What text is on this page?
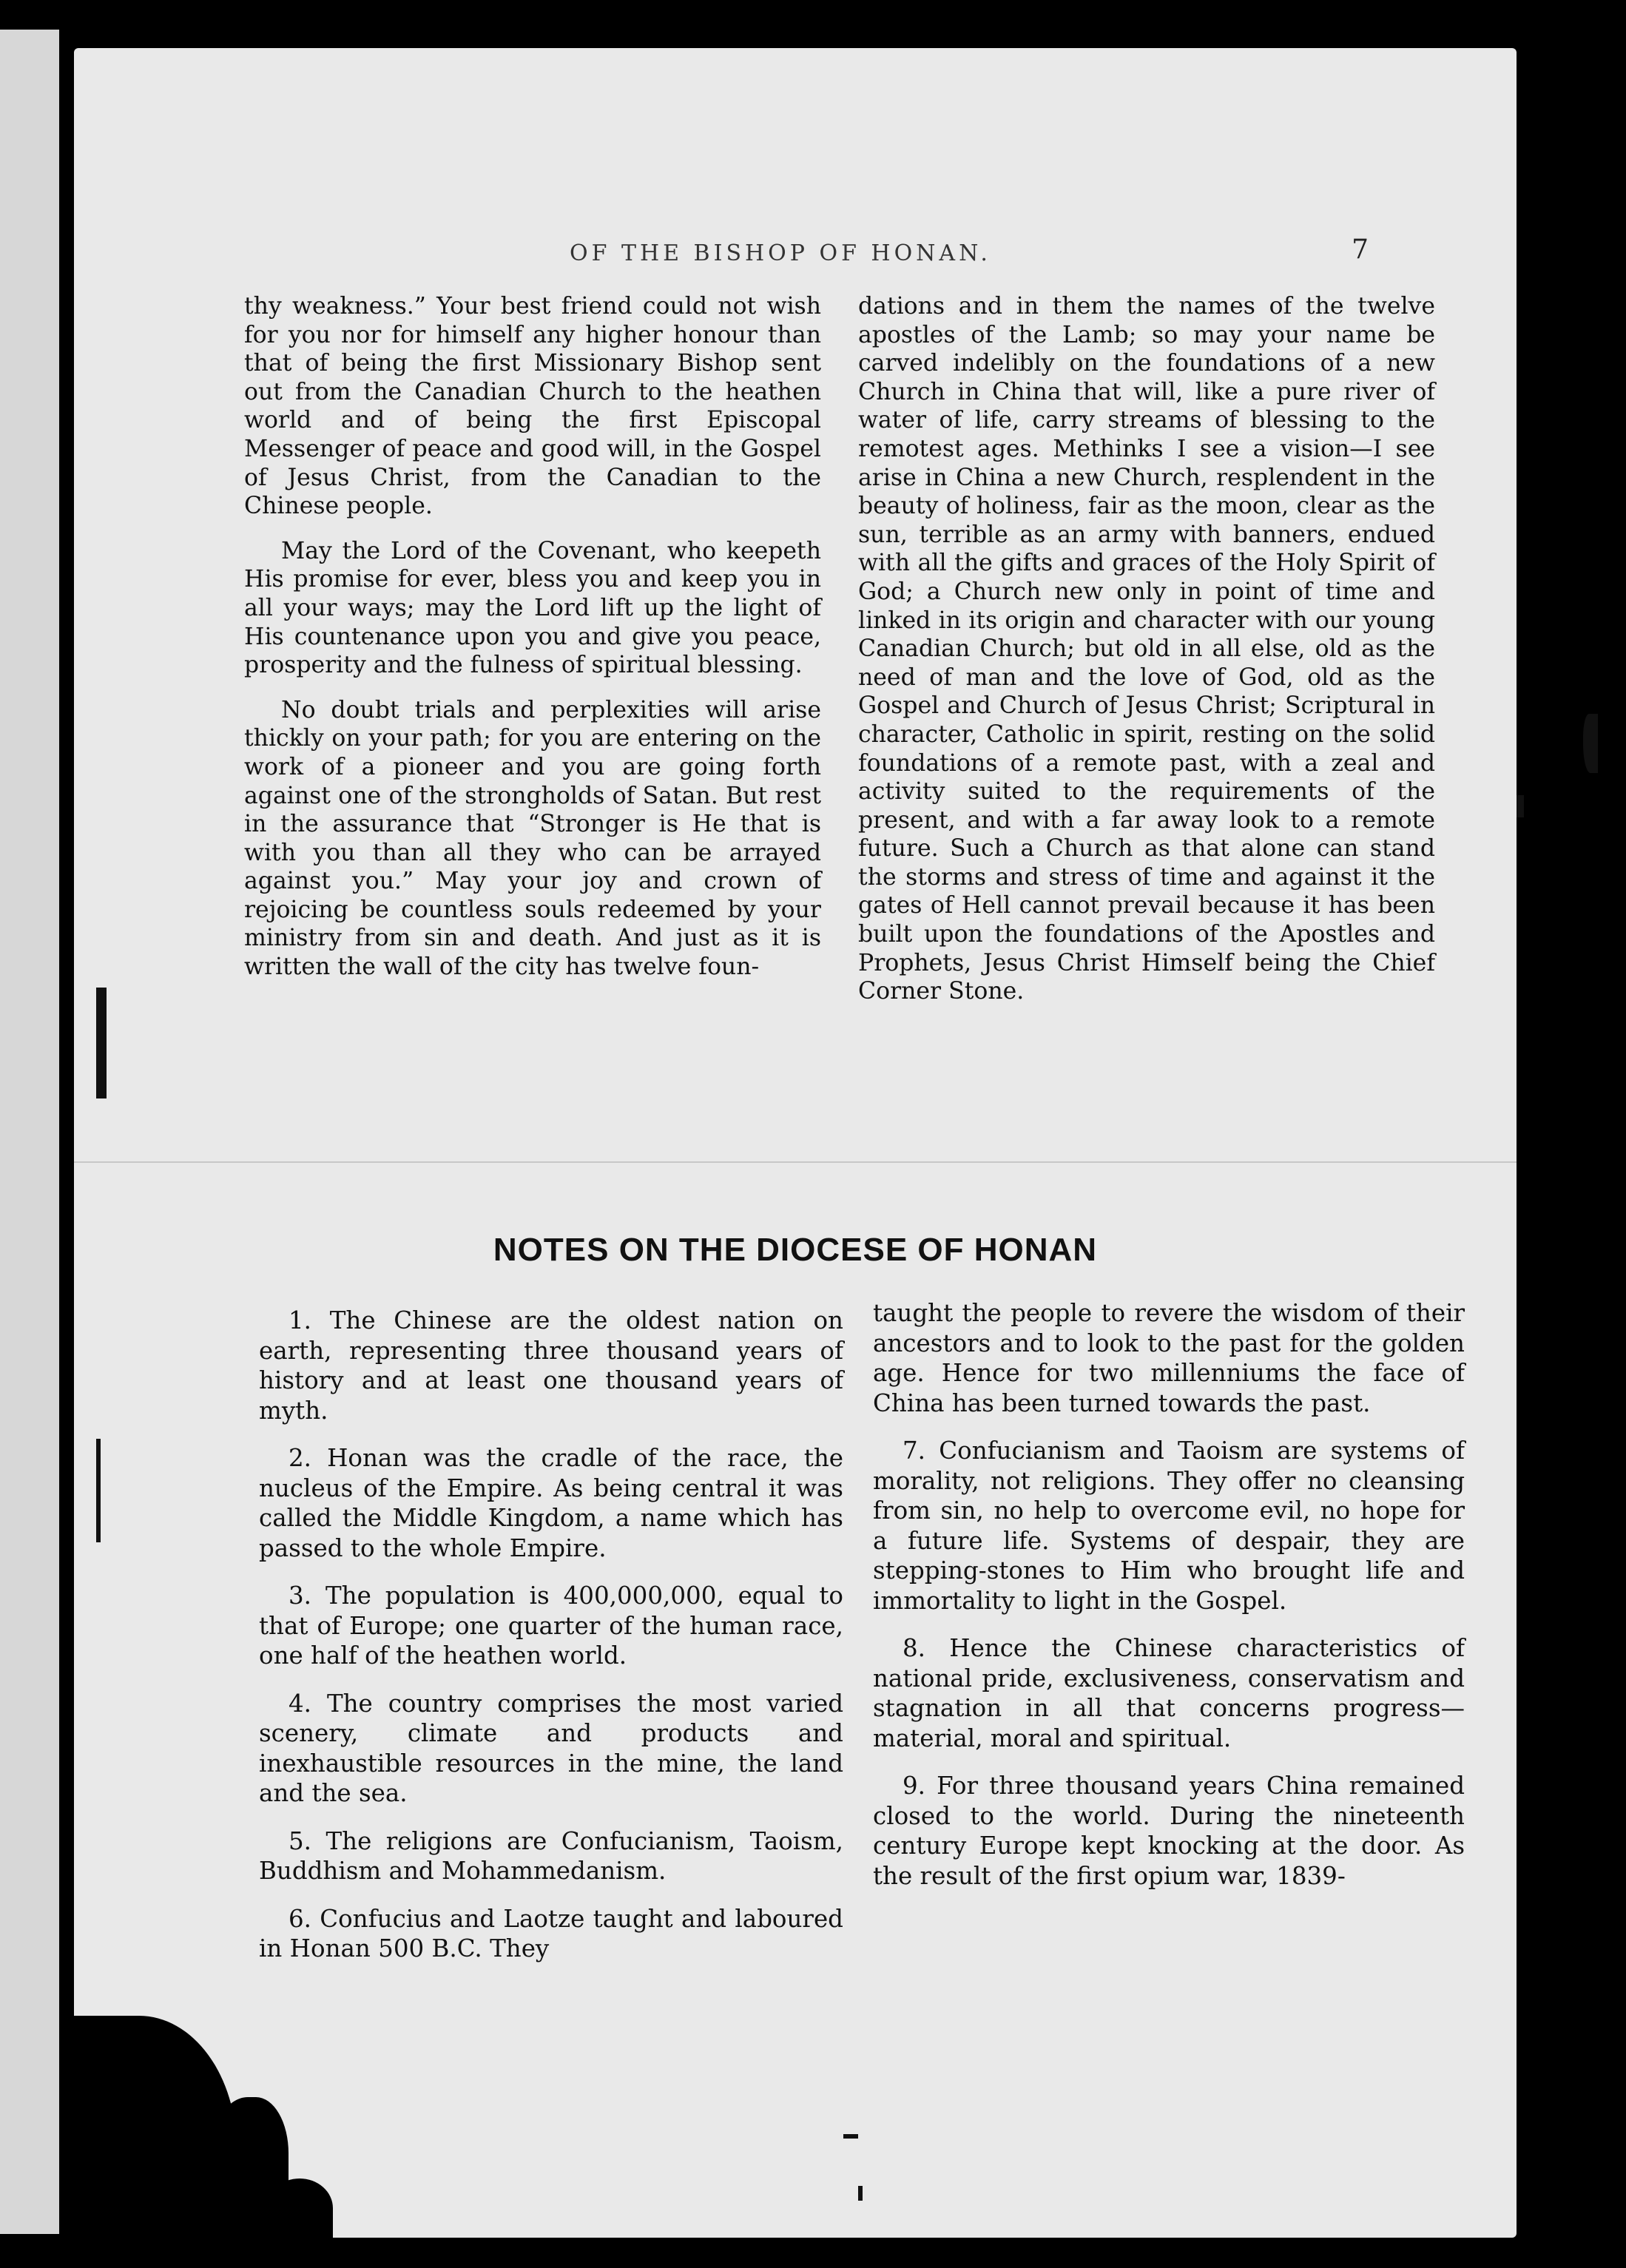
OF THE BISHOP OF HONAN.	7

thy weakness.” Your best friend could not wish for you nor for himself any higher honour than that of being the first Missionary Bishop sent out from the Canadian Church to the heathen world and of being the first Episcopal Messenger of peace and good will, in the Gospel of Jesus Christ, from the Canadian to the Chinese people.

May the Lord of the Covenant, who keepeth His promise for ever, bless you and keep you in all your ways; may the Lord lift up the light of His countenance upon you and give you peace, prosperity and the fulness of spiritual blessing.

No doubt trials and perplexities will arise thickly on your path; for you are entering on the work of a pioneer and you are going forth against one of the strongholds of Satan. But rest in the assurance that “Stronger is He that is with you than all they who can be arrayed against you.” May your joy and crown of rejoicing be countless souls redeemed by your ministry from sin and death. And just as it is written the wall of the city has twelve foun-

dations and in them the names of the twelve apostles of the Lamb; so may your name be carved indelibly on the foundations of a new Church in China that will, like a pure river of water of life, carry streams of blessing to the remotest ages. Methinks I see a vision—I see arise in China a new Church, resplendent in the beauty of holiness, fair as the moon, clear as the sun, terrible as an army with banners, endued with all the gifts and graces of the Holy Spirit of God; a Church new only in point of time and linked in its origin and character with our young Canadian Church; but old in all else, old as the need of man and the love of God, old as the Gospel and Church of Jesus Christ; Scriptural in character, Catholic in spirit, resting on the solid foundations of a remote past, with a zeal and activity suited to the requirements of the present, and with a far away look to a remote future. Such a Church as that alone can stand the storms and stress of time and against it the gates of Hell cannot prevail because it has been built upon the foundations of the Apostles and Prophets, Jesus Christ Himself being the Chief Corner Stone.

NOTES ON THE DIOCESE OF HONAN

1. The Chinese are the oldest nation on earth, representing three thousand years of history and at least one thousand years of myth.

2. Honan was the cradle of the race, the nucleus of the Empire. As being central it was called the Middle Kingdom, a name which has passed to the whole Empire.

3. The population is 400,000,000, equal to that of Europe; one quarter of the human race, one half of the heathen world.

4. The country comprises the most varied scenery, climate and products and inexhaustible resources in the mine, the land and the sea.

5. The religions are Confucianism, Taoism, Buddhism and Mohammedanism.

6. Confucius and Laotze taught and laboured in Honan 500 B.C. They

taught the people to revere the wisdom of their ancestors and to look to the past for the golden age. Hence for two millenniums the face of China has been turned towards the past.

7. Confucianism and Taoism are systems of morality, not religions. They offer no cleansing from sin, no help to overcome evil, no hope for a future life. Systems of despair, they are stepping-stones to Him who brought life and immortality to light in the Gospel.

8. Hence the Chinese characteristics of national pride, exclusiveness, conservatism and stagnation in all that concerns progress—material, moral and spiritual.

9. For three thousand years China remained closed to the world. During the nineteenth century Europe kept knocking at the door. As the result of the first opium war, 1839-
